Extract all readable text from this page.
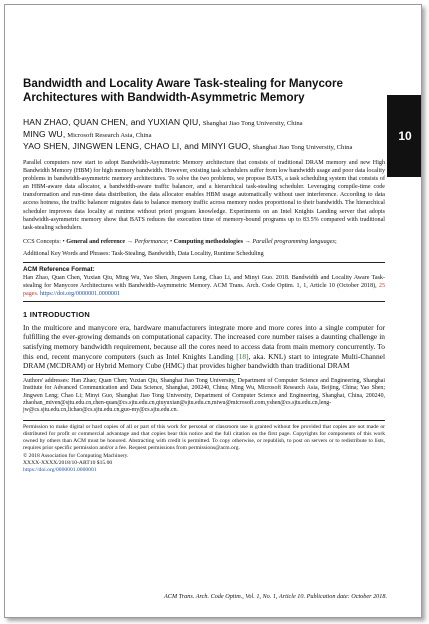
10
Bandwidth and Locality Aware Task-stealing for Manycore Architectures with Bandwidth-Asymmetric Memory
HAN ZHAO, QUAN CHEN, and YUXIAN QIU, Shanghai Jiao Tong University, China
MING WU, Microsoft Research Asia, China
YAO SHEN, JINGWEN LENG, CHAO LI, and MINYI GUO, Shanghai Jiao Tong University, China

Parallel computers now start to adopt Bandwidth-Asymmetric Memory architecture that consists of traditional DRAM memory and new High Bandwidth Memory (HBM) for high memory bandwidth. However, existing task schedulers suffer from low bandwidth usage and poor data locality problems in bandwidth-asymmetric memory architectures. To solve the two problems, we propose BATS, a task scheduling system that consists of an HBM-aware data allocator, a bandwidth-aware traffic balancer, and a hierarchical task-stealing scheduler. Leveraging compile-time code transformation and run-time data distribution, the data allocator enables HBM usage automatically without user interference. According to data access hotness, the traffic balancer migrates data to balance memory traffic across memory nodes proportional to their bandwidth. The hierarchical scheduler improves data locality at runtime without priori program knowledge. Experiments on an Intel Knights Landing server that adopts bandwidth-asymmetric memory show that BATS reduces the execution time of memory-bound programs up to 83.5% compared with traditional task-stealing schedulers.

CCS Concepts: • General and reference → Performance; • Computing methodologies → Parallel programming languages;
Additional Key Words and Phrases: Task-Stealing, Bandwidth, Data Locality, Runtime Scheduling
ACM Reference Format:
Han Zhao, Quan Chen, Yuxian Qiu, Ming Wu, Yao Shen, Jingwen Leng, Chao Li, and Minyi Guo. 2018. Bandwidth and Locality Aware Task-stealing for Manycore Architectures with Bandwidth-Asymmetric Memory. ACM Trans. Arch. Code Optim. 1, 1, Article 10 (October 2018), 25 pages. https://doi.org/0000001.0000001
1 INTRODUCTION

In the multicore and manycore era, hardware manufacturers integrate more and more cores into a single computer for fulfilling the ever-growing demands on computational capacity. The increased core number raises a daunting challenge in satisfying memory bandwidth requirement, because all the cores need to access data from main memory concurrently. To this end, recent manycore computers (such as Intel Knights Landing [18], aka. KNL) start to integrate Multi-Channel DRAM (MCDRAM) or Hybrid Memory Cube (HMC) that provides higher bandwidth than traditional DRAM

Authors' addresses: Han Zhao; Quan Chen; Yuxian Qiu, Shanghai Jiao Tong University, Department of Computer Science and Engineering, Shanghai Institute for Advanced Communication and Data Science, Shanghai, 200240, China; Ming Wu, Microsoft Research Asia, Beijing, China; Yao Shen; Jingwen Leng; Chao Li; Minyi Guo, Shanghai Jiao Tong University, Department of Computer Science and Engineering, Shanghai, China, 200240, zhaohan_miven@sjtu.edu.cn,chen-quan@cs.sjtu.edu.cn,qiuyuxian@sjtu.edu.cn,miwu@microsoft.com,yshen@cs.sjtu.edu.cn,leng-jw@cs.sjtu.edu.cn,lichao@cs.sjtu.edu.cn,guo-my@cs.sjtu.edu.cn.

Permission to make digital or hard copies of all or part of this work for personal or classroom use is granted without fee provided that copies are not made or distributed for profit or commercial advantage and that copies bear this notice and the full citation on the first page. Copyrights for components of this work owned by others than ACM must be honored. Abstracting with credit is permitted. To copy otherwise, or republish, to post on servers or to redistribute to lists, requires prior specific permission and/or a fee. Request permissions from permissions@acm.org.
© 2018 Association for Computing Machinery.
XXXX-XXXX/2018/10-ART10 $15.00
https://doi.org/0000001.0000001
ACM Trans. Arch. Code Optim., Vol. 1, No. 1, Article 10. Publication date: October 2018.
